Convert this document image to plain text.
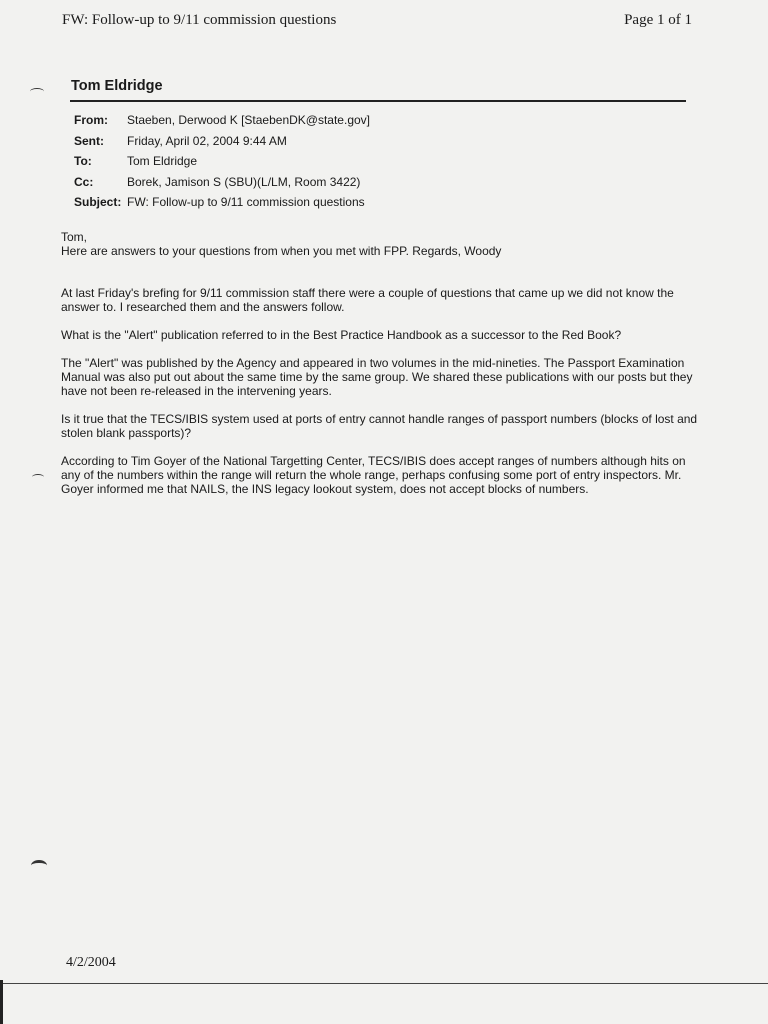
FW: Follow-up to 9/11 commission questions	Page 1 of 1
Tom Eldridge
From:	Staeben, Derwood K [StaebenDK@state.gov]
Sent:	Friday, April 02, 2004 9:44 AM
To:	Tom Eldridge
Cc:	Borek, Jamison S (SBU)(L/LM, Room 3422)
Subject: FW: Follow-up to 9/11 commission questions

Tom,
Here are answers to your questions from when you met with FPP. Regards, Woody

At last Friday's brefing for 9/11 commission staff there were a couple of questions that came up we did not know the answer to. I researched them and the answers follow.

What is the "Alert" publication referred to in the Best Practice Handbook as a successor to the Red Book?

The "Alert" was published by the Agency and appeared in two volumes in the mid-nineties. The Passport Examination Manual was also put out about the same time by the same group. We shared these publications with our posts but they have not been re-released in the intervening years.

Is it true that the TECS/IBIS system used at ports of entry cannot handle ranges of passport numbers (blocks of lost and stolen blank passports)?

According to Tim Goyer of the National Targetting Center, TECS/IBIS does accept ranges of numbers although hits on any of the numbers within the range will return the whole range, perhaps confusing some port of entry inspectors. Mr. Goyer informed me that NAILS, the INS legacy lookout system, does not accept blocks of numbers.

4/2/2004
